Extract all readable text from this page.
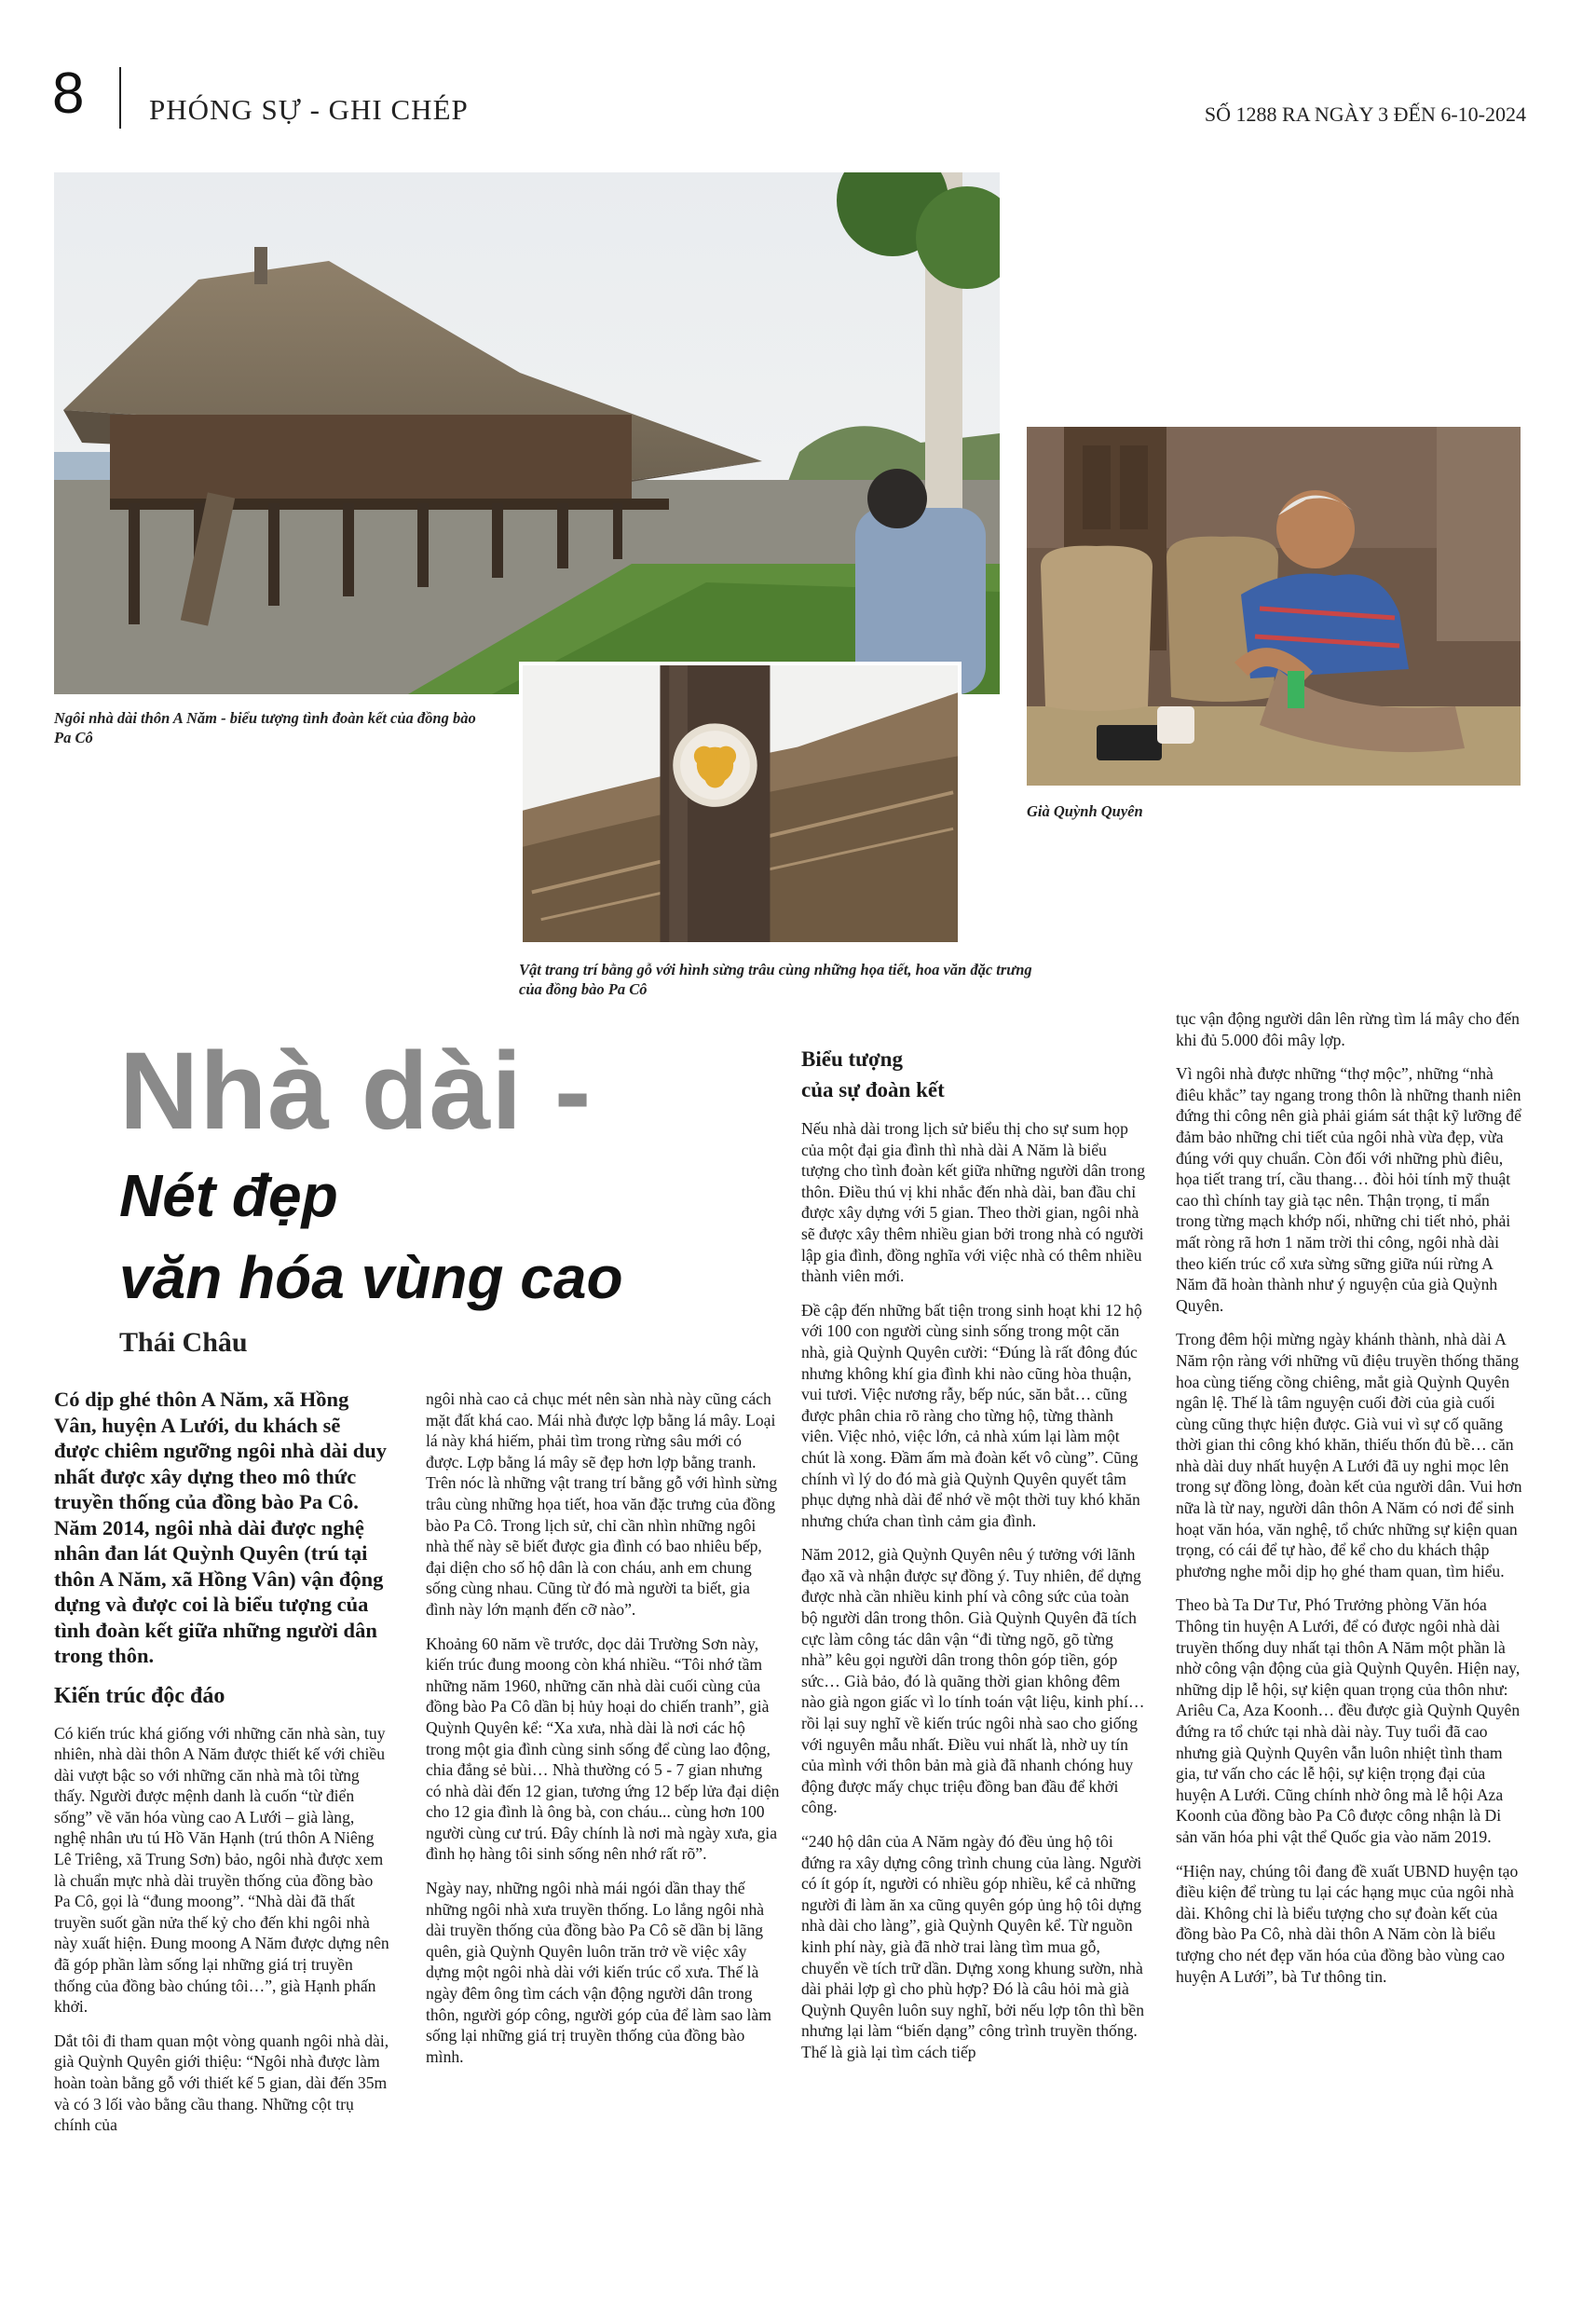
8 PHÓNG SỰ - GHI CHÉP	SỐ 1288 RA NGÀY 3 ĐẾN 6-10-2024
Ngôi nhà dài thôn A Năm - biểu tượng tình đoàn kết của đồng bào Pa Cô
Vật trang trí bằng gỗ với hình sừng trâu cùng những họa tiết, hoa văn đặc trưng của đồng bào Pa Cô
Già Quỳnh Quyên
Nhà dài -
Nét đẹp
văn hóa vùng cao
Thái Châu

Có dịp ghé thôn A Năm, xã Hồng Vân, huyện A Lưới, du khách sẽ được chiêm ngưỡng ngôi nhà dài duy nhất được xây dựng theo mô thức truyền thống của đồng bào Pa Cô. Năm 2014, ngôi nhà dài được nghệ nhân đan lát Quỳnh Quyên (trú tại thôn A Năm, xã Hồng Vân) vận động dựng và được coi là biểu tượng của tình đoàn kết giữa những người dân trong thôn.

Kiến trúc độc đáo

Có kiến trúc khá giống với những căn nhà sàn, tuy nhiên, nhà dài thôn A Năm được thiết kế với chiều dài vượt bậc so với những căn nhà mà tôi từng thấy. Người được mệnh danh là cuốn “từ điển sống” về văn hóa vùng cao A Lưới – già làng, nghệ nhân ưu tú Hồ Văn Hạnh (trú thôn A Niêng Lê Triêng, xã Trung Sơn) bảo, ngôi nhà được xem là chuẩn mực nhà dài truyền thống của đồng bào Pa Cô, gọi là “đung moong”. “Nhà dài đã thất truyền suốt gần nửa thế kỷ cho đến khi ngôi nhà này xuất hiện. Đung moong A Năm được dựng nên đã góp phần làm sống lại những giá trị truyền thống của đồng bào chúng tôi…”, già Hạnh phấn khởi.

Dắt tôi đi tham quan một vòng quanh ngôi nhà dài, già Quỳnh Quyên giới thiệu: “Ngôi nhà được làm hoàn toàn bằng gỗ với thiết kế 5 gian, dài đến 35m và có 3 lối vào bằng cầu thang. Những cột trụ chính của

ngôi nhà cao cả chục mét nên sàn nhà này cũng cách mặt đất khá cao. Mái nhà được lợp bằng lá mây. Loại lá này khá hiếm, phải tìm trong rừng sâu mới có được. Lợp bằng lá mây sẽ đẹp hơn lợp bằng tranh. Trên nóc là những vật trang trí bằng gỗ với hình sừng trâu cùng những họa tiết, hoa văn đặc trưng của đồng bào Pa Cô. Trong lịch sử, chỉ cần nhìn những ngôi nhà thế này sẽ biết được gia đình có bao nhiêu bếp, đại diện cho số hộ dân là con cháu, anh em chung sống cùng nhau. Cũng từ đó mà người ta biết, gia đình này lớn mạnh đến cỡ nào”.

Khoảng 60 năm về trước, dọc dải Trường Sơn này, kiến trúc đung moong còn khá nhiều. “Tôi nhớ tầm những năm 1960, những căn nhà dài cuối cùng của đồng bào Pa Cô dần bị hủy hoại do chiến tranh”, già Quỳnh Quyên kể: “Xa xưa, nhà dài là nơi các hộ trong một gia đình cùng sinh sống để cùng lao động, chia đắng sẻ bùi… Nhà thường có 5 - 7 gian nhưng có nhà dài đến 12 gian, tương ứng 12 bếp lửa đại diện cho 12 gia đình là ông bà, con cháu... cùng hơn 100 người cùng cư trú. Đây chính là nơi mà ngày xưa, gia đình họ hàng tôi sinh sống nên nhớ rất rõ”.

Ngày nay, những ngôi nhà mái ngói dần thay thế những ngôi nhà xưa truyền thống. Lo lắng ngôi nhà dài truyền thống của đồng bào Pa Cô sẽ dần bị lãng quên, già Quỳnh Quyên luôn trăn trở về việc xây dựng một ngôi nhà dài với kiến trúc cổ xưa. Thế là ngày đêm ông tìm cách vận động người dân trong thôn, người góp công, người góp của để làm sao làm sống lại những giá trị truyền thống của đồng bào mình.

Biểu tượng

của sự đoàn kết

Nếu nhà dài trong lịch sử biểu thị cho sự sum họp của một đại gia đình thì nhà dài A Năm là biểu tượng cho tình đoàn kết giữa những người dân trong thôn. Điều thú vị khi nhắc đến nhà dài, ban đầu chỉ được xây dựng với 5 gian. Theo thời gian, ngôi nhà sẽ được xây thêm nhiều gian bởi trong nhà có người lập gia đình, đồng nghĩa với việc nhà có thêm nhiều thành viên mới.

Đề cập đến những bất tiện trong sinh hoạt khi 12 hộ với 100 con người cùng sinh sống trong một căn nhà, già Quỳnh Quyên cười: “Đúng là rất đông đúc nhưng không khí gia đình khi nào cũng hòa thuận, vui tươi. Việc nương rẫy, bếp núc, săn bắt… cũng được phân chia rõ ràng cho từng hộ, từng thành viên. Việc nhỏ, việc lớn, cả nhà xúm lại làm một chút là xong. Đầm ấm mà đoàn kết vô cùng”. Cũng chính vì lý do đó mà già Quỳnh Quyên quyết tâm phục dựng nhà dài để nhớ về một thời tuy khó khăn nhưng chứa chan tình cảm gia đình.

Năm 2012, già Quỳnh Quyên nêu ý tưởng với lãnh đạo xã và nhận được sự đồng ý. Tuy nhiên, để dựng được nhà cần nhiều kinh phí và công sức của toàn bộ người dân trong thôn. Già Quỳnh Quyên đã tích cực làm công tác dân vận “đi từng ngõ, gõ từng nhà” kêu gọi người dân trong thôn góp tiền, góp sức… Già bảo, đó là quãng thời gian không đêm nào già ngon giấc vì lo tính toán vật liệu, kinh phí… rồi lại suy nghĩ về kiến trúc ngôi nhà sao cho giống với nguyên mẫu nhất. Điều vui nhất là, nhờ uy tín của mình với thôn bản mà già đã nhanh chóng huy động được mấy chục triệu đồng ban đầu để khởi công.

“240 hộ dân của A Năm ngày đó đều ủng hộ tôi đứng ra xây dựng công trình chung của làng. Người có ít góp ít, người có nhiều góp nhiều, kể cả những người đi làm ăn xa cũng quyên góp ủng hộ tôi dựng nhà dài cho làng”, già Quỳnh Quyên kể. Từ nguồn kinh phí này, già đã nhờ trai làng tìm mua gỗ, chuyển về tích trữ dần. Dựng xong khung sườn, nhà dài phải lợp gì cho phù hợp? Đó là câu hỏi mà già Quỳnh Quyên luôn suy nghĩ, bởi nếu lợp tôn thì bền nhưng lại làm “biến dạng” công trình truyền thống. Thế là già lại tìm cách tiếp

tục vận động người dân lên rừng tìm lá mây cho đến khi đủ 5.000 đôi mây lợp.

Vì ngôi nhà được những “thợ mộc”, những “nhà điêu khắc” tay ngang trong thôn là những thanh niên đứng thi công nên già phải giám sát thật kỹ lưỡng để đảm bảo những chi tiết của ngôi nhà vừa đẹp, vừa đúng với quy chuẩn. Còn đối với những phù điêu, họa tiết trang trí, cầu thang… đòi hỏi tính mỹ thuật cao thì chính tay già tạc nên. Thận trọng, tỉ mẩn trong từng mạch khớp nối, những chi tiết nhỏ, phải mất ròng rã hơn 1 năm trời thi công, ngôi nhà dài theo kiến trúc cổ xưa sừng sững giữa núi rừng A Năm đã hoàn thành như ý nguyện của già Quỳnh Quyên.

Trong đêm hội mừng ngày khánh thành, nhà dài A Năm rộn ràng với những vũ điệu truyền thống thăng hoa cùng tiếng cồng chiêng, mắt già Quỳnh Quyên ngân lệ. Thế là tâm nguyện cuối đời của già cuối cùng cũng thực hiện được. Già vui vì sự cố quãng thời gian thi công khó khăn, thiếu thốn đủ bề… căn nhà dài duy nhất huyện A Lưới đã uy nghi mọc lên trong sự đồng lòng, đoàn kết của người dân. Vui hơn nữa là từ nay, người dân thôn A Năm có nơi để sinh hoạt văn hóa, văn nghệ, tổ chức những sự kiện quan trọng, có cái để tự hào, để kể cho du khách thập phương nghe mỗi dịp họ ghé tham quan, tìm hiểu.

Theo bà Ta Dư Tư, Phó Trưởng phòng Văn hóa Thông tin huyện A Lưới, để có được ngôi nhà dài truyền thống duy nhất tại thôn A Năm một phần là nhờ công vận động của già Quỳnh Quyên. Hiện nay, những dịp lễ hội, sự kiện quan trọng của thôn như: Ariêu Ca, Aza Koonh… đều được già Quỳnh Quyên đứng ra tổ chức tại nhà dài này. Tuy tuổi đã cao nhưng già Quỳnh Quyên vẫn luôn nhiệt tình tham gia, tư vấn cho các lễ hội, sự kiện trọng đại của huyện A Lưới. Cũng chính nhờ ông mà lễ hội Aza Koonh của đồng bào Pa Cô được công nhận là Di sản văn hóa phi vật thể Quốc gia vào năm 2019.

“Hiện nay, chúng tôi đang đề xuất UBND huyện tạo điều kiện để trùng tu lại các hạng mục của ngôi nhà dài. Không chỉ là biểu tượng cho sự đoàn kết của đồng bào Pa Cô, nhà dài thôn A Năm còn là biểu tượng cho nét đẹp văn hóa của đồng bào vùng cao huyện A Lưới”, bà Tư thông tin.
